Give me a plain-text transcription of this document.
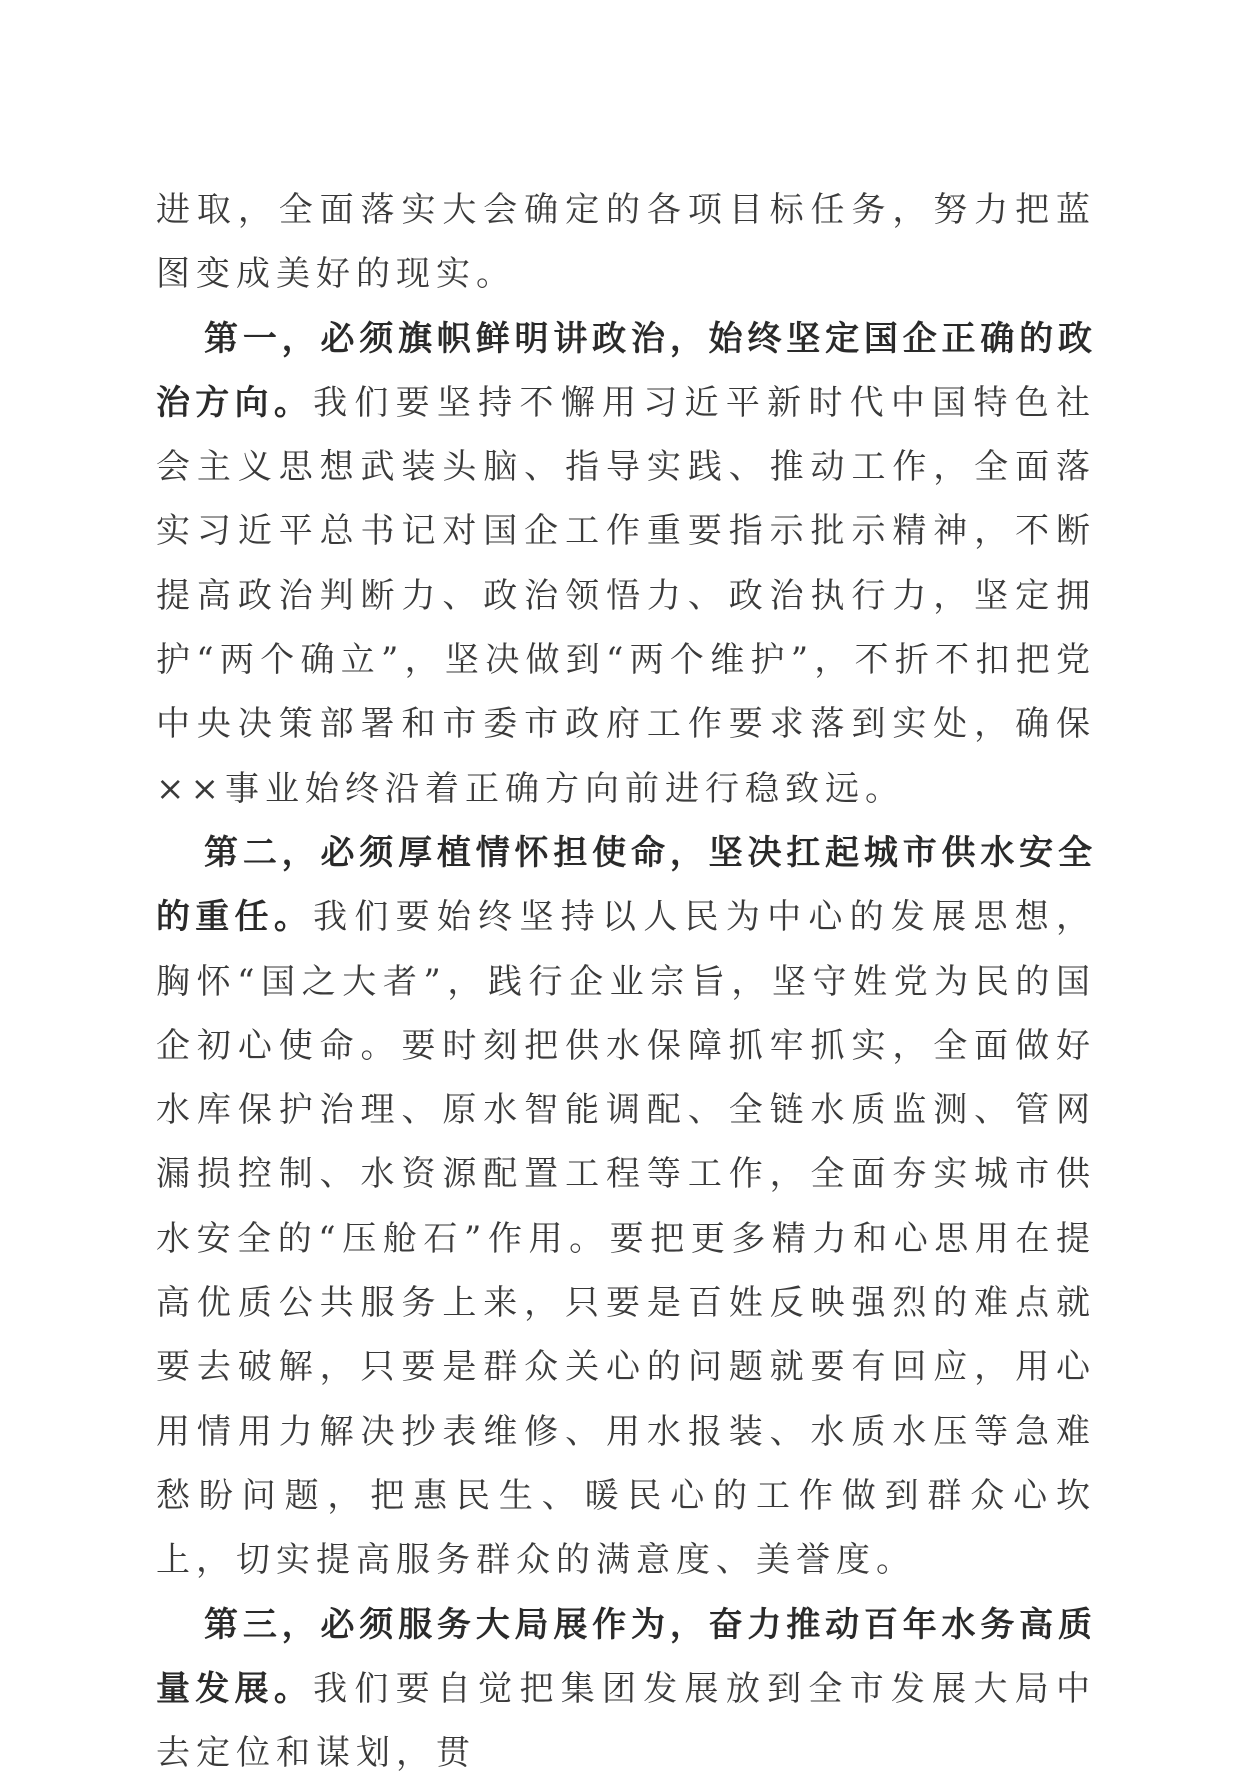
进取，全面落实大会确定的各项目标任务，努力把蓝图变成美好的现实。

第一，必须旗帜鲜明讲政治，始终坚定国企正确的政治方向。我们要坚持不懈用习近平新时代中国特色社会主义思想武装头脑、指导实践、推动工作，全面落实习近平总书记对国企工作重要指示批示精神，不断提高政治判断力、政治领悟力、政治执行力，坚定拥护“两个确立”，坚决做到“两个维护”，不折不扣把党中央决策部署和市委市政府工作要求落到实处，确保××事业始终沿着正确方向前进行稳致远。

第二，必须厚植情怀担使命，坚决扛起城市供水安全的重任。我们要始终坚持以人民为中心的发展思想，胸怀“国之大者”，践行企业宗旨，坚守姓党为民的国企初心使命。要时刻把供水保障抓牢抓实，全面做好水库保护治理、原水智能调配、全链水质监测、管网漏损控制、水资源配置工程等工作，全面夯实城市供水安全的“压舱石”作用。要把更多精力和心思用在提高优质公共服务上来，只要是百姓反映强烈的难点就要去破解，只要是群众关心的问题就要有回应，用心用情用力解决抄表维修、用水报装、水质水压等急难愁盼问题，把惠民生、暖民心的工作做到群众心坎上，切实提高服务群众的满意度、美誉度。

第三，必须服务大局展作为，奋力推动百年水务高质量发展。我们要自觉把集团发展放到全市发展大局中去定位和谋划，贯
